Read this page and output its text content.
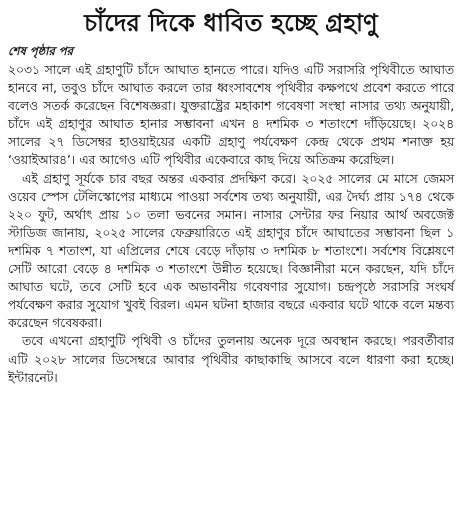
চাঁদের দিকে ধাবিত হচ্ছে গ্রহাণু
শেষ পৃষ্ঠার পর

২০৩১ সালে এই গ্রহাণুটি চাঁদে আঘাত হানতে পারে। যদিও এটি সরাসরি পৃথিবীতে আঘাত হানবে না, তবুও চাঁদে আঘাত করলে তার ধ্বংসাবশেষ পৃথিবীর কক্ষপথে প্রবেশ করতে পারে বলেও সতর্ক করেছেন বিশেষজ্ঞরা। যুক্তরাষ্ট্রের মহাকাশ গবেষণা সংস্থা নাসার তথ্য অনুযায়ী, চাঁদে এই গ্রহাণুর আঘাত হানার সম্ভাবনা এখন ৪ দশমিক ৩ শতাংশে দাঁড়িয়েছে। ২০২৪ সালের ২৭ ডিসেম্বর হাওয়াইয়ের একটি গ্রহাণু পর্যবেক্ষণ কেন্দ্র থেকে প্রথম শনাক্ত হয় ‘ওয়াইআর৪’। এর আগেও এটি পৃথিবীর একেবারে কাছ দিয়ে অতিক্রম করেছিল।

এই গ্রহাণু সূর্যকে চার বছর অন্তর একবার প্রদক্ষিণ করে। ২০২৫ সালের মে মাসে জেমস ওয়েব স্পেস টেলিস্কোপের মাধ্যমে পাওয়া সর্বশেষ তথ্য অনুযায়ী, এর দৈর্ঘ্য প্রায় ১৭৪ থেকে ২২০ ফুট, অর্থাৎ প্রায় ১০ তলা ভবনের সমান। নাসার সেন্টার ফর নিয়ার আর্থ অবজেক্ট স্টাডিজ জানায়, ২০২৫ সালের ফেব্রুয়ারিতে এই গ্রহাণুর চাঁদে আঘাতের সম্ভাবনা ছিল ১ দশমিক ৭ শতাংশ, যা এপ্রিলের শেষে বেড়ে দাঁড়ায় ৩ দশমিক ৮ শতাংশে। সর্বশেষ বিশ্লেষণে সেটি আরো বেড়ে ৪ দশমিক ৩ শতাংশে উন্নীত হয়েছে। বিজ্ঞানীরা মনে করছেন, যদি চাঁদে আঘাত ঘটে, তবে সেটি হবে এক অভাবনীয় গবেষণার সুযোগ। চন্দ্রপৃষ্ঠে সরাসরি সংঘর্ষ পর্যবেক্ষণ করার সুযোগ খুবই বিরল। এমন ঘটনা হাজার বছরে একবার ঘটে থাকে বলে মন্তব্য করেছেন গবেষকরা।

তবে এখনো গ্রহাণুটি পৃথিবী ও চাঁদের তুলনায় অনেক দূরে অবস্থান করছে। পরবর্তীবার এটি ২০২৮ সালের ডিসেম্বরে আবার পৃথিবীর কাছাকাছি আসবে বলে ধারণা করা হচ্ছে। ইন্টারনেট।
